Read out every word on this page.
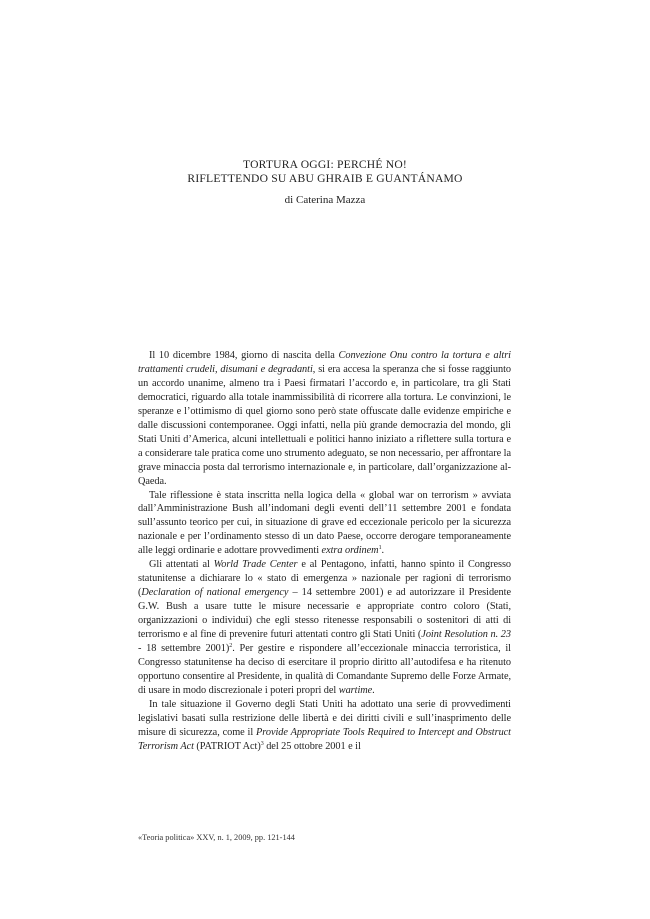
TORTURA OGGI: PERCHÉ NO!
RIFLETTENDO SU ABU GHRAIB E GUANTÁNAMO
di Caterina Mazza

Il 10 dicembre 1984, giorno di nascita della Convezione Onu contro la tortura e altri trattamenti crudeli, disumani e degradanti, si era accesa la speranza che si fosse raggiunto un accordo unanime, almeno tra i Paesi firmatari l’accordo e, in particolare, tra gli Stati democratici, riguardo alla totale inammissibilità di ricorrere alla tortura. Le convinzioni, le speranze e l’ottimismo di quel giorno sono però state offuscate dalle evidenze empiriche e dalle discussioni contemporanee. Oggi infatti, nella più grande democrazia del mondo, gli Stati Uniti d’America, alcuni intellettuali e politici hanno iniziato a riflettere sulla tortura e a considerare tale pratica come uno strumento adeguato, se non necessario, per affrontare la grave minaccia posta dal terrorismo internazionale e, in particolare, dall’organizzazione al-Qaeda.

Tale riflessione è stata inscritta nella logica della « global war on terrorism » avviata dall’Amministrazione Bush all’indomani degli eventi dell’11 settembre 2001 e fondata sull’assunto teorico per cui, in situazione di grave ed eccezionale pericolo per la sicurezza nazionale e per l’ordinamento stesso di un dato Paese, occorre derogare temporaneamente alle leggi ordinarie e adottare provvedimenti extra ordinem$^1$.

Gli attentati al World Trade Center e al Pentagono, infatti, hanno spinto il Congresso statunitense a dichiarare lo « stato di emergenza » nazionale per ragioni di terrorismo (Declaration of national emergency – 14 settembre 2001) e ad autorizzare il Presidente G.W. Bush a usare tutte le misure necessarie e appropriate contro coloro (Stati, organizzazioni o individui) che egli stesso ritenesse responsabili o sostenitori di atti di terrorismo e al fine di prevenire futuri attentati contro gli Stati Uniti (Joint Resolution n. 23 - 18 settembre 2001)$^2$. Per gestire e rispondere all’eccezionale minaccia terroristica, il Congresso statunitense ha deciso di esercitare il proprio diritto all’autodifesa e ha ritenuto opportuno consentire al Presidente, in qualità di Comandante Supremo delle Forze Armate, di usare in modo discrezionale i poteri propri del wartime.

In tale situazione il Governo degli Stati Uniti ha adottato una serie di provvedimenti legislativi basati sulla restrizione delle libertà e dei diritti civili e sull’inasprimento delle misure di sicurezza, come il Provide Appropriate Tools Required to Intercept and Obstruct Terrorism Act (PATRIOT Act)$^3$ del 25 ottobre 2001 e il

«Teoria politica» XXV, n. 1, 2009, pp. 121-144
